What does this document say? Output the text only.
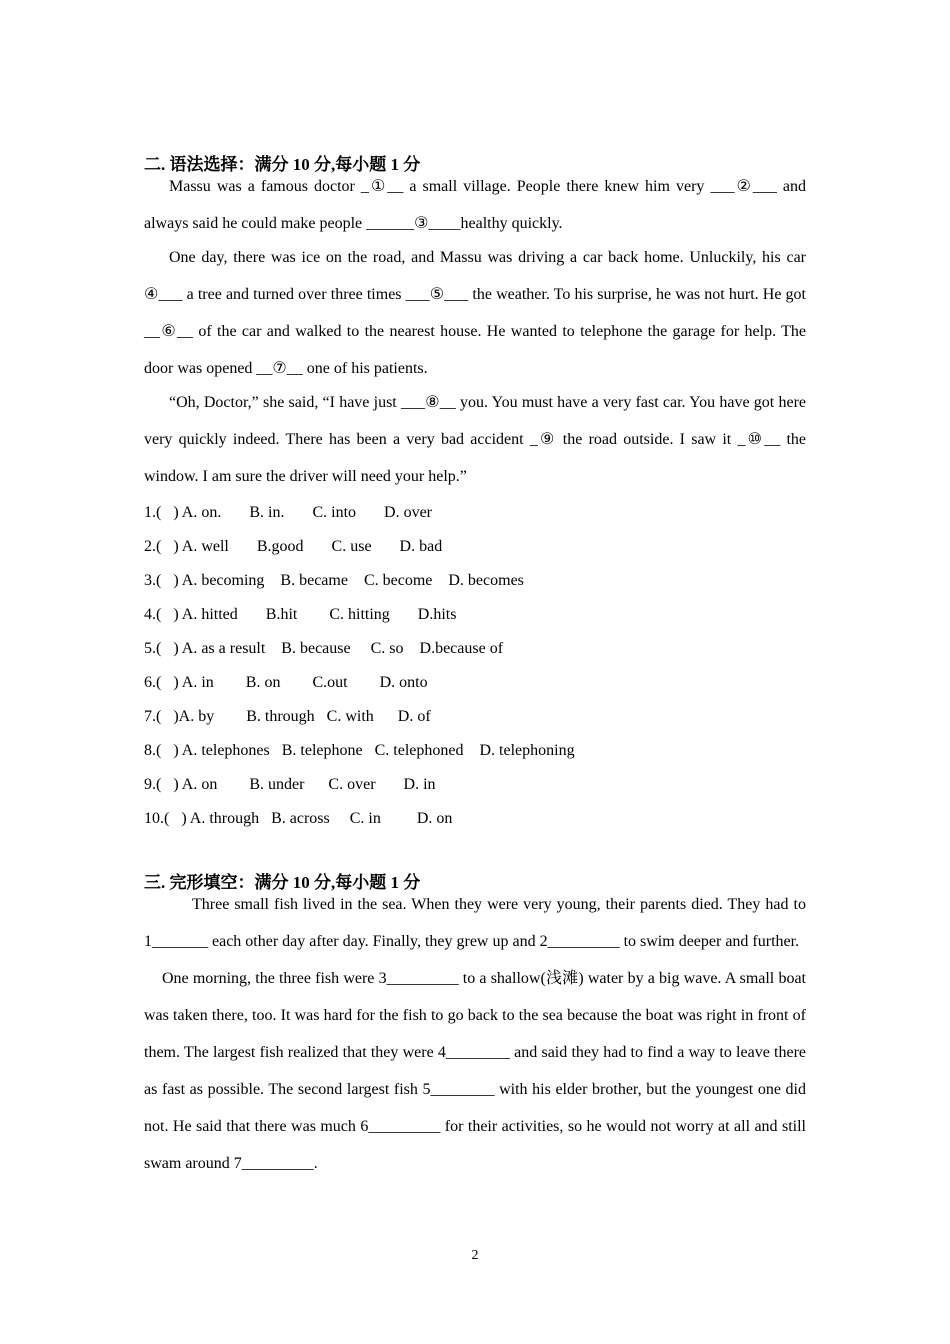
二. 语法选择：满分 10 分,每小题 1 分

Massu was a famous doctor _①__ a small village. People there knew him very ___②___ and always said he could make people ______③____healthy quickly.

One day, there was ice on the road, and Massu was driving a car back home. Unluckily, his car ④___ a tree and turned over three times ___⑤___ the weather. To his surprise, he was not hurt. He got __⑥__ of the car and walked to the nearest house. He wanted to telephone the garage for help. The door was opened __⑦__ one of his patients.

“Oh, Doctor,” she said, “I have just ___⑧__ you. You must have a very fast car. You have got here very quickly indeed. There has been a very bad accident _⑨ the road outside. I saw it _⑩__ the window. I am sure the driver will need your help.”

1.(   ) A. on.       B. in.       C. into       D. over
2.(   ) A. well       B.good       C. use       D. bad
3.(   ) A. becoming    B. became    C. become    D. becomes
4.(   ) A. hitted       B.hit        C. hitting       D.hits
5.(   ) A. as a result    B. because     C. so    D.because of
6.(   ) A. in        B. on        C.out        D. onto
7.(   )A. by        B. through   C. with      D. of
8.(   ) A. telephones   B. telephone   C. telephoned    D. telephoning
9.(   ) A. on        B. under      C. over       D. in
10.(   ) A. through   B. across     C. in         D. on
三. 完形填空：满分 10 分,每小题 1 分

Three small fish lived in the sea. When they were very young, their parents died. They had to 1_______ each other day after day. Finally, they grew up and 2_________ to swim deeper and further.

One morning, the three fish were 3_________ to a shallow(浅滩) water by a big wave. A small boat was taken there, too. It was hard for the fish to go back to the sea because the boat was right in front of them. The largest fish realized that they were 4________ and said they had to find a way to leave there as fast as possible. The second largest fish 5________ with his elder brother, but the youngest one did not. He said that there was much 6_________ for their activities, so he would not worry at all and still swam around 7_________.

2
